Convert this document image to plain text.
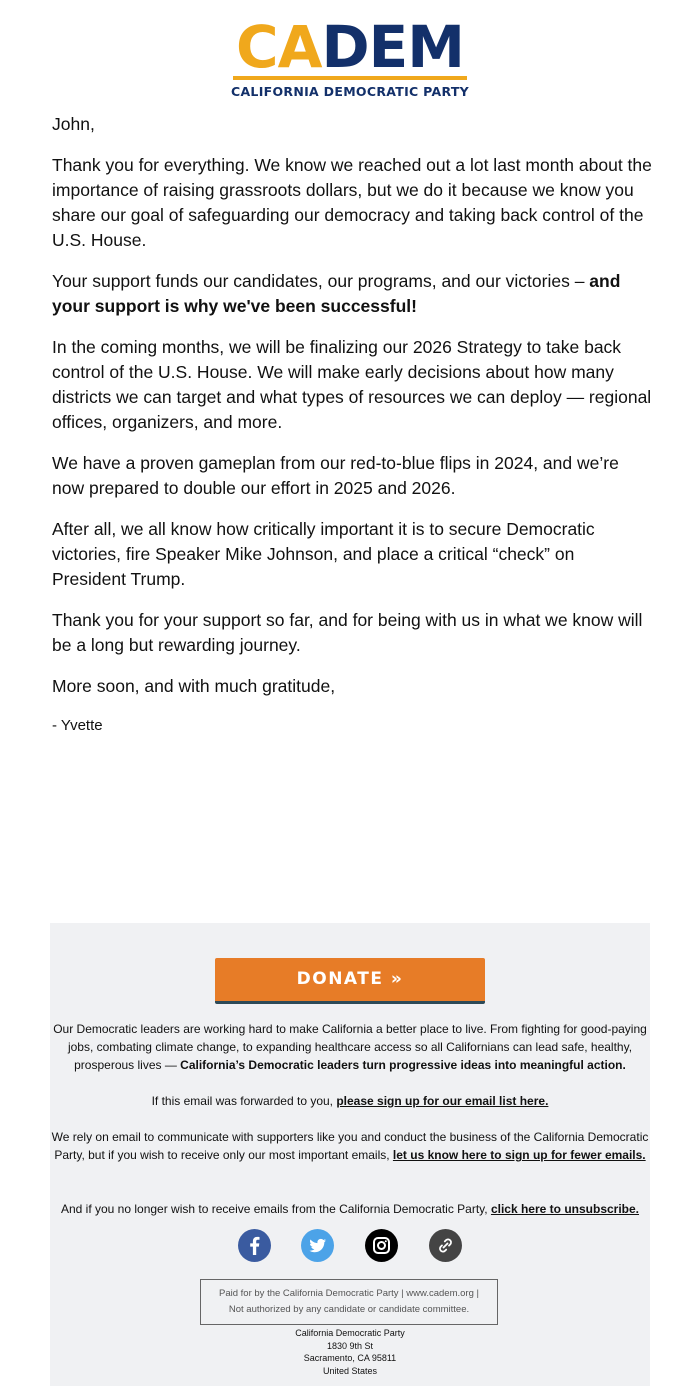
CADEM
CALIFORNIA DEMOCRATIC PARTY

John,

Thank you for everything. We know we reached out a lot last month about the importance of raising grassroots dollars, but we do it because we know you share our goal of safeguarding our democracy and taking back control of the U.S. House.

Your support funds our candidates, our programs, and our victories – and your support is why we've been successful!

In the coming months, we will be finalizing our 2026 Strategy to take back control of the U.S. House. We will make early decisions about how many districts we can target and what types of resources we can deploy — regional offices, organizers, and more.

We have a proven gameplan from our red-to-blue flips in 2024, and we’re now prepared to double our effort in 2025 and 2026.

After all, we all know how critically important it is to secure Democratic victories, fire Speaker Mike Johnson, and place a critical “check” on President Trump.

Thank you for your support so far, and for being with us in what we know will be a long but rewarding journey.

More soon, and with much gratitude,

- Yvette

DONATE »
Our Democratic leaders are working hard to make California a better place to live. From fighting for good-paying jobs, combating climate change, to expanding healthcare access so all Californians can lead safe, healthy, prosperous lives — California’s Democratic leaders turn progressive ideas into meaningful action.
If this email was forwarded to you, please sign up for our email list here.
We rely on email to communicate with supporters like you and conduct the business of the California Democratic Party, but if you wish to receive only our most important emails, let us know here to sign up for fewer emails.
And if you no longer wish to receive emails from the California Democratic Party, click here to unsubscribe.
Paid for by the California Democratic Party | www.cadem.org |
Not authorized by any candidate or candidate committee.
California Democratic Party
1830 9th St
Sacramento, CA 95811
United States
